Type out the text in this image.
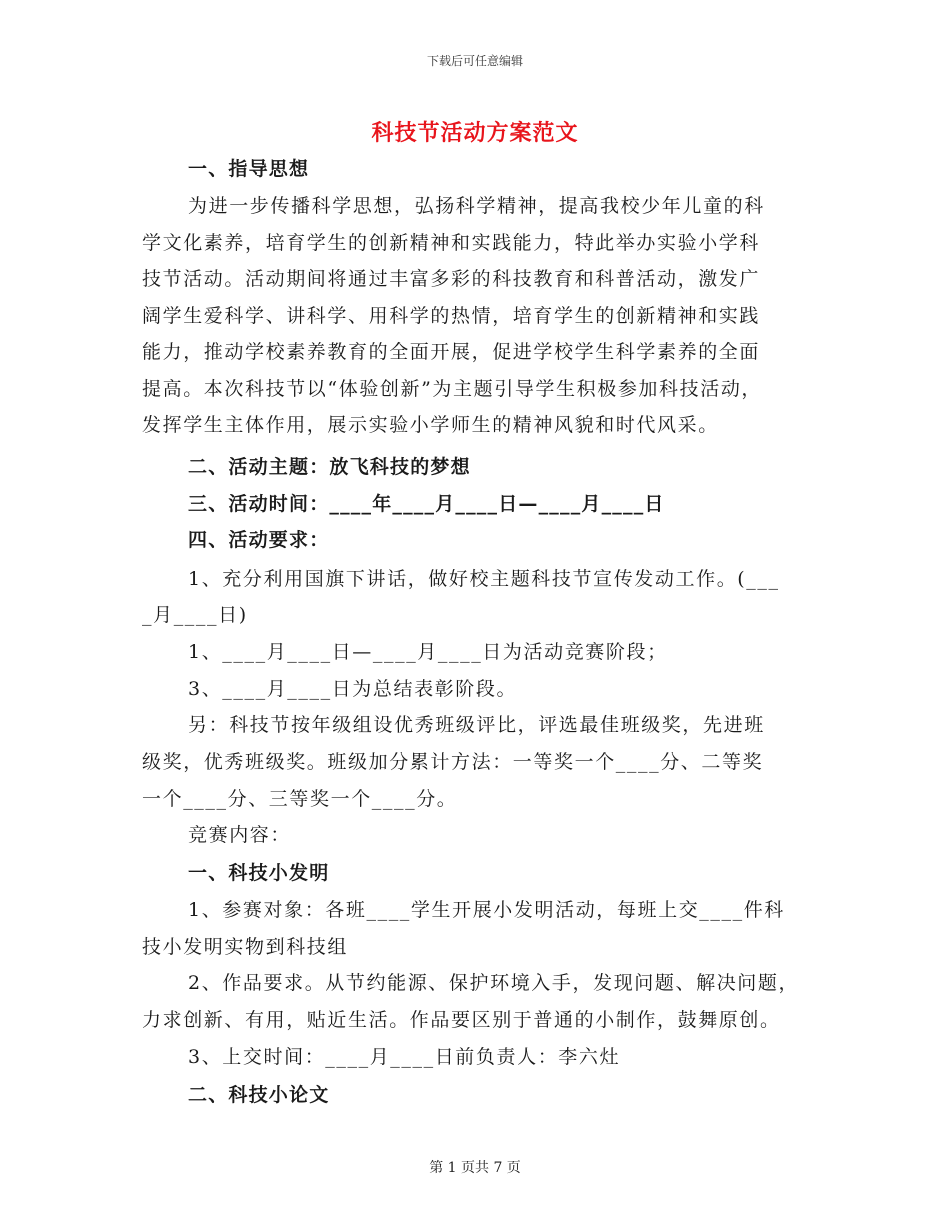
下载后可任意编辑
科技节活动方案范文
一、指导思想
为进一步传播科学思想，弘扬科学精神，提高我校少年儿童的科
学文化素养，培育学生的创新精神和实践能力，特此举办实验小学科
技节活动。活动期间将通过丰富多彩的科技教育和科普活动，激发广
阔学生爱科学、讲科学、用科学的热情，培育学生的创新精神和实践
能力，推动学校素养教育的全面开展，促进学校学生科学素养的全面
提高。本次科技节以“体验创新”为主题引导学生积极参加科技活动，
发挥学生主体作用，展示实验小学师生的精神风貌和时代风采。
二、活动主题：放飞科技的梦想
三、活动时间：____年____月____日—____月____日
四、活动要求：
1、充分利用国旗下讲话，做好校主题科技节宣传发动工作。(___
_月____日)
1、____月____日—____月____日为活动竞赛阶段；
3、____月____日为总结表彰阶段。
另：科技节按年级组设优秀班级评比，评选最佳班级奖，先进班
级奖，优秀班级奖。班级加分累计方法：一等奖一个____分、二等奖
一个____分、三等奖一个____分。
竞赛内容：
一、科技小发明
1、参赛对象：各班____学生开展小发明活动，每班上交____件科
技小发明实物到科技组
2、作品要求。从节约能源、保护环境入手，发现问题、解决问题，
力求创新、有用，贴近生活。作品要区别于普通的小制作，鼓舞原创。
3、上交时间：____月____日前负责人：李六灶
二、科技小论文
第 1 页共 7 页
